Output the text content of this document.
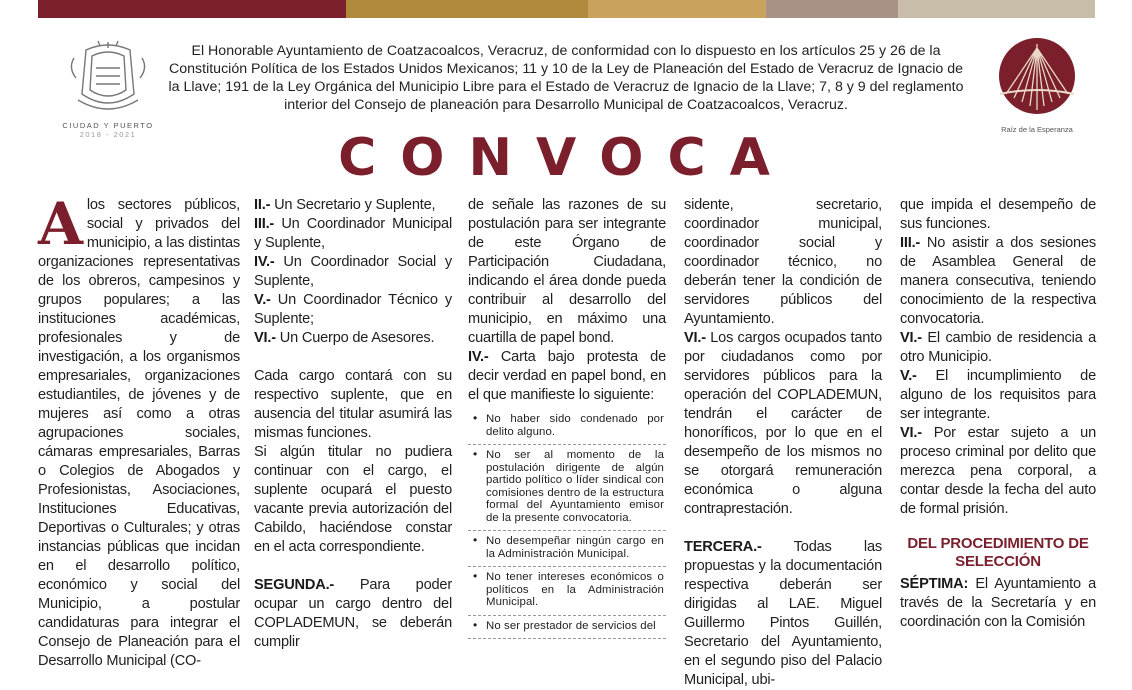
CIUDAD Y PUERTO
2018 - 2021
El Honorable Ayuntamiento de Coatzacoalcos, Veracruz, de conformidad con lo dispuesto en los artículos 25 y 26 de la Constitución Política de los Estados Unidos Mexicanos; 11 y 10 de la Ley de Planeación del Estado de Veracruz de Ignacio de la Llave; 191 de la Ley Orgánica del Municipio Libre para el Estado de Veracruz de Ignacio de la Llave; 7, 8 y 9 del reglamento interior del Consejo de planeación para Desarrollo Municipal de Coatzacoalcos, Veracruz.
Raíz de la Esperanza
CONVOCA
A los sectores públicos, social y privados del municipio, a las distintas organizaciones representativas de los obreros, campesinos y grupos populares; a las instituciones académicas, profesionales y de investigación, a los organismos empresariales, organizaciones estudiantiles, de jóvenes y de mujeres así como a otras agrupaciones sociales, cámaras empresariales, Barras o Colegios de Abogados y Profesionistas, Asociaciones, Instituciones Educativas, Deportivas o Culturales; y otras instancias públicas que incidan en el desarrollo político, económico y social del Municipio, a postular candidaturas para integrar el Consejo de Planeación para el Desarrollo Municipal (CO-

II.- Un Secretario y Suplente,

III.- Un Coordinador Municipal y Suplente,

IV.- Un Coordinador Social y Suplente,

V.- Un Coordinador Técnico y Suplente;

VI.- Un Cuerpo de Asesores.

Cada cargo contará con su respectivo suplente, que en ausencia del titular asumirá las mismas funciones.

Si algún titular no pudiera continuar con el cargo, el suplente ocupará el puesto vacante previa autorización del Cabildo, haciéndose constar en el acta correspondiente.

SEGUNDA.- Para poder ocupar un cargo dentro del COPLADEMUN, se deberán cumplir

de señale las razones de su postulación para ser integrante de este Órgano de Participación Ciudadana, indicando el área donde pueda contribuir al desarrollo del municipio, en máximo una cuartilla de papel bond.

IV.- Carta bajo protesta de decir verdad en papel bond, en el que manifieste lo siguiente:

• No haber sido condenado por delito alguno.
• No ser al momento de la postulación dirigente de algún partido político o líder sindical con comisiones dentro de la estructura formal del Ayuntamiento emisor de la presente convocatoria.
• No desempeñar ningún cargo en la Administración Municipal.
• No tener intereses económicos o políticos en la Administración Municipal.
• No ser prestador de servicios del

sidente, secretario, coordinador municipal, coordinador social y coordinador técnico, no deberán tener la condición de servidores públicos del Ayuntamiento.

VI.- Los cargos ocupados tanto por ciudadanos como por servidores públicos para la operación del COPLADEMUN, tendrán el carácter de honoríficos, por lo que en el desempeño de los mismos no se otorgará remuneración económica o alguna contraprestación.

TERCERA.- Todas las propuestas y la documentación respectiva deberán ser dirigidas al LAE. Miguel Guillermo Pintos Guillén, Secretario del Ayuntamiento, en el segundo piso del Palacio Municipal, ubi-

que impida el desempeño de sus funciones.

III.- No asistir a dos sesiones de Asamblea General de manera consecutiva, teniendo conocimiento de la respectiva convocatoria.

VI.- El cambio de residencia a otro Municipio.

V.- El incumplimiento de alguno de los requisitos para ser integrante.

VI.- Por estar sujeto a un proceso criminal por delito que merezca pena corporal, a contar desde la fecha del auto de formal prisión.

DEL PROCEDIMIENTO DE SELECCIÓN

SÉPTIMA: El Ayuntamiento a través de la Secretaría y en coordinación con la Comisión
